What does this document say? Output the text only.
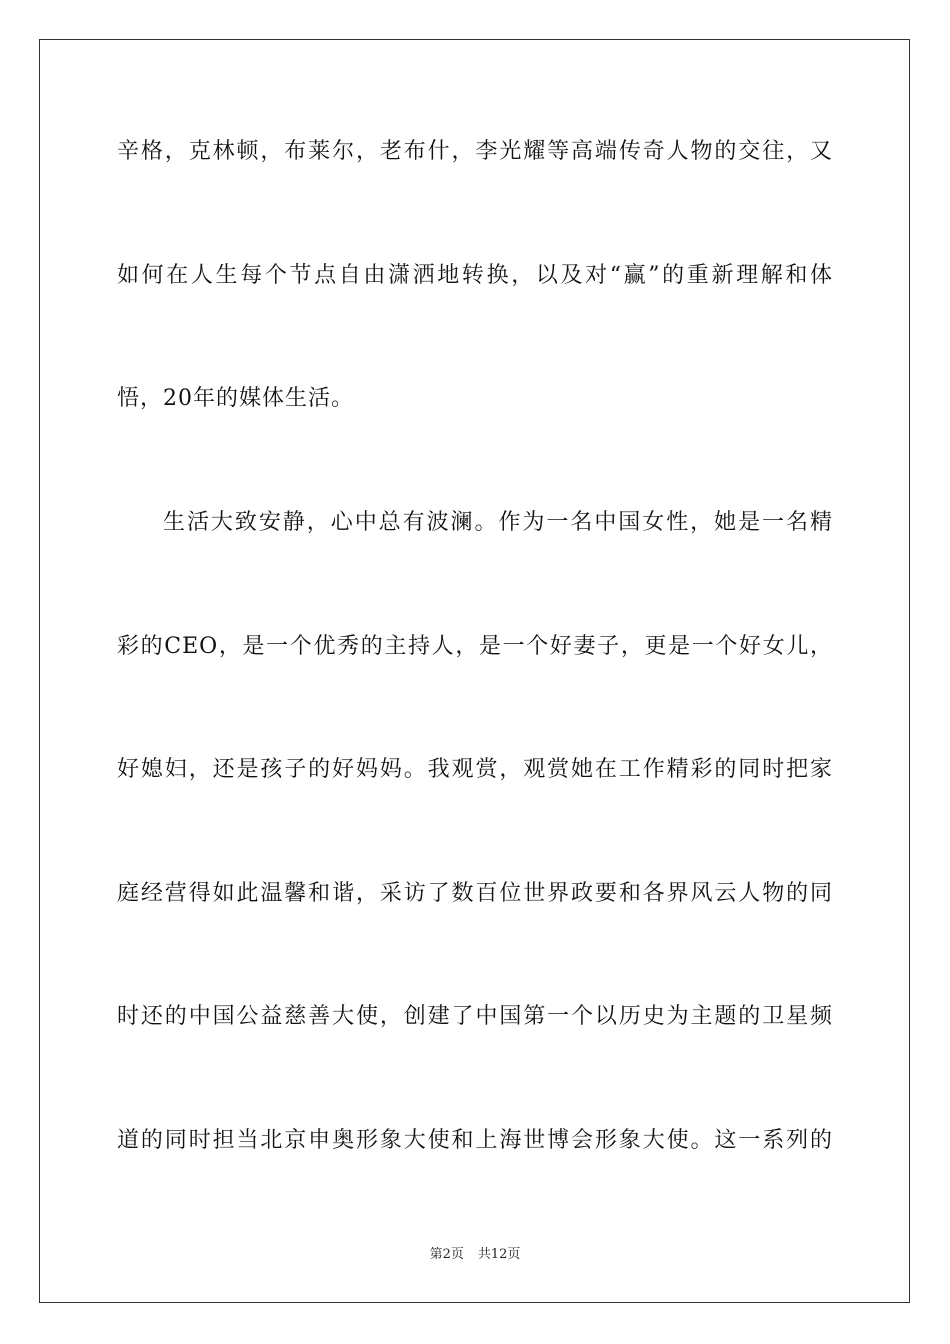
辛格，克林顿，布莱尔，老布什，李光耀等高端传奇人物的交往，又
如何在人生每个节点自由潇洒地转换，以及对“赢”的重新理解和体
悟，20年的媒体生活。
生活大致安静，心中总有波澜。作为一名中国女性，她是一名精
彩的CEO，是一个优秀的主持人，是一个好妻子，更是一个好女儿，
好媳妇，还是孩子的好妈妈。我观赏，观赏她在工作精彩的同时把家
庭经营得如此温馨和谐，采访了数百位世界政要和各界风云人物的同
时还的中国公益慈善大使，创建了中国第一个以历史为主题的卫星频
道的同时担当北京申奥形象大使和上海世博会形象大使。这一系列的
第2页 共12页
